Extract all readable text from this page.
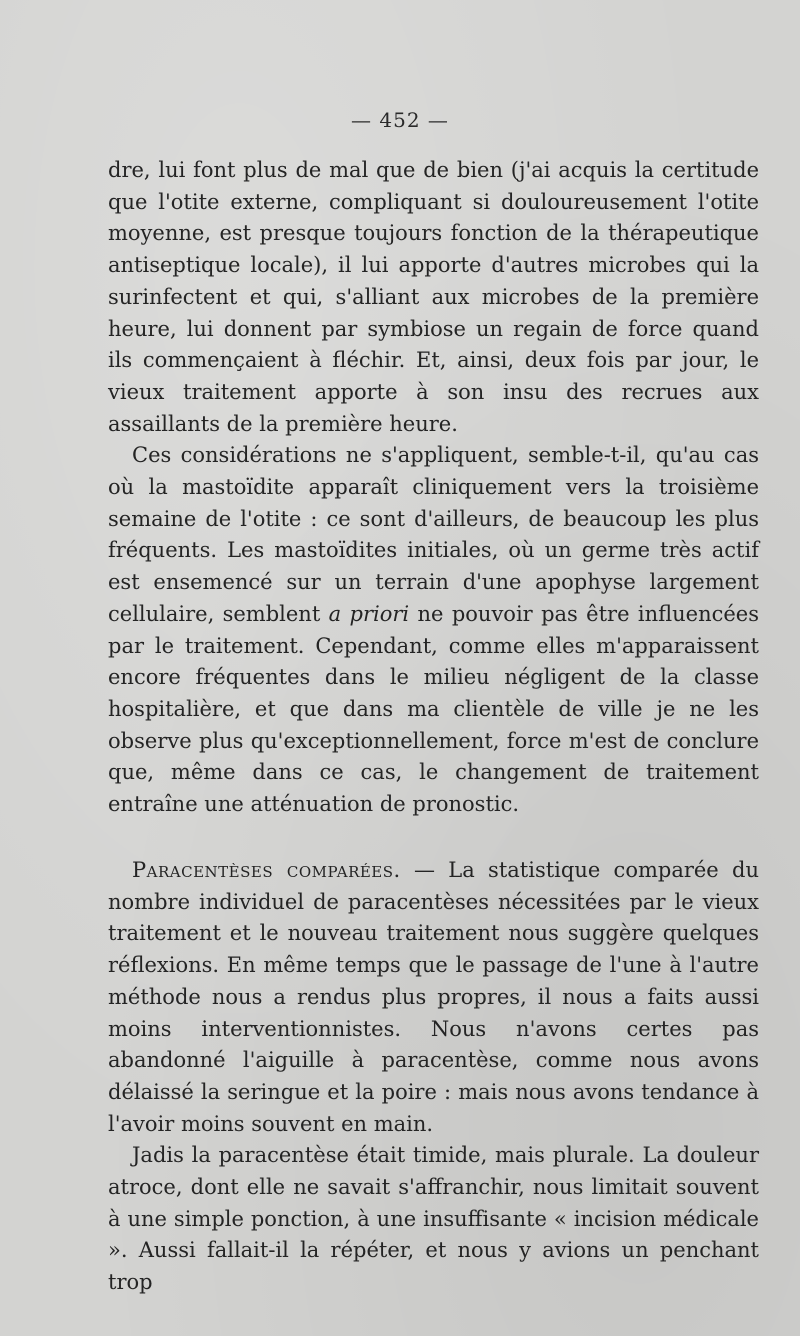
— 452 —

dre, lui font plus de mal que de bien (j'ai acquis la certitude que l'otite externe, compliquant si douloureusement l'otite moyenne, est presque toujours fonction de la thérapeutique antiseptique locale), il lui apporte d'autres microbes qui la surinfectent et qui, s'alliant aux microbes de la première heure, lui donnent par symbiose un regain de force quand ils commençaient à fléchir. Et, ainsi, deux fois par jour, le vieux traitement apporte à son insu des recrues aux assaillants de la première heure.

Ces considérations ne s'appliquent, semble-t-il, qu'au cas où la mastoïdite apparaît cliniquement vers la troisième semaine de l'otite : ce sont d'ailleurs, de beaucoup les plus fréquents. Les mastoïdites initiales, où un germe très actif est ensemencé sur un terrain d'une apophyse largement cellulaire, semblent a priori ne pouvoir pas être influencées par le traitement. Cependant, comme elles m'apparaissent encore fréquentes dans le milieu négligent de la classe hospitalière, et que dans ma clientèle de ville je ne les observe plus qu'exceptionnellement, force m'est de conclure que, même dans ce cas, le changement de traitement entraîne une atténuation de pronostic.

Paracentèses comparées. — La statistique comparée du nombre individuel de paracentèses nécessitées par le vieux traitement et le nouveau traitement nous suggère quelques réflexions. En même temps que le passage de l'une à l'autre méthode nous a rendus plus propres, il nous a faits aussi moins interventionnistes. Nous n'avons certes pas abandonné l'aiguille à paracentèse, comme nous avons délaissé la seringue et la poire : mais nous avons tendance à l'avoir moins souvent en main.

Jadis la paracentèse était timide, mais plurale. La douleur atroce, dont elle ne savait s'affranchir, nous limitait souvent à une simple ponction, à une insuffisante « incision médicale ». Aussi fallait-il la répéter, et nous y avions un penchant trop
